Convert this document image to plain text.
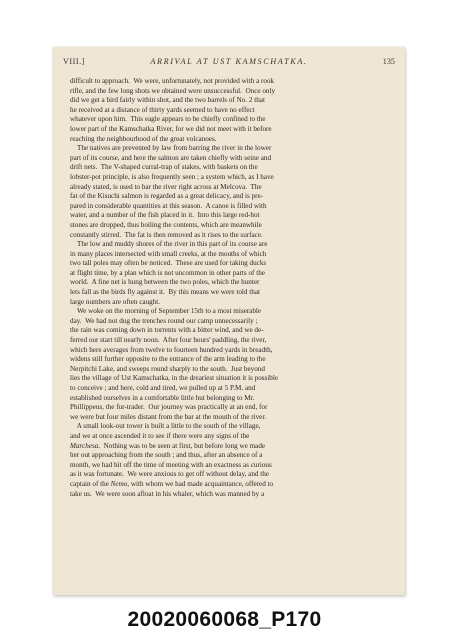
VIII.]	ARRIVAL AT UST KAMSCHATKA.	135
difficult to approach.  We were, unfortunately, not provided with a rook
rifle, and the few long shots we obtained were unsuccessful.  Once only
did we get a bird fairly within shot, and the two barrels of No. 2 that
he received at a distance of thirty yards seemed to have no effect
whatever upon him.  This eagle appears to be chiefly confined to the
lower part of the Kamschatka River, for we did not meet with it before
reaching the neighbourhood of the great volcanoes.
The natives are prevented by law from barring the river in the lower
part of its course, and here the salmon are taken chiefly with seine and
drift nets.  The V-shaped curral-trap of stakes, with baskets on the
lobster-pot principle, is also frequently seen ; a system which, as I have
already stated, is used to bar the river right across at Melcova.  The
fat of the Kisuchi salmon is regarded as a great delicacy, and is pre-
pared in considerable quantities at this season.  A canoe is filled with
water, and a number of the fish placed in it.  Into this large red-hot
stones are dropped, thus boiling the contents, which are meanwhile
constantly stirred.  The fat is then removed as it rises to the surface.
The low and muddy shores of the river in this part of its course are
in many places intersected with small creeks, at the mouths of which
two tall poles may often be noticed.  These are used for taking ducks
at flight time, by a plan which is not uncommon in other parts of the
world.  A fine net is hung between the two poles, which the hunter
lets fall as the birds fly against it.  By this means we were told that
large numbers are often caught.
We woke on the morning of September 15th to a most miserable
day.  We had not dug the trenches round our camp unnecessarily ;
the rain was coming down in torrents with a bitter wind, and we de-
ferred our start till nearly noon.  After four hours' paddling, the river,
which here averages from twelve to fourteen hundred yards in breadth,
widens still further opposite to the entrance of the arm leading to the
Nerpitchi Lake, and sweeps round sharply to the south.  Just beyond
lies the village of Ust Kamschatka, in the dreariest situation it is possible
to conceive ; and here, cold and tired, we pulled up at 5 P.M. and
established ourselves in a comfortable little hut belonging to Mr.
Phillippeus, the fur-trader.  Our journey was practically at an end, for
we were but four miles distant from the bar at the mouth of the river.
A small look-out tower is built a little to the south of the village,
and we at once ascended it to see if there were any signs of the
Marchesa.  Nothing was to be seen at first, but before long we made
her out approaching from the south ; and thus, after an absence of a
month, we had hit off the time of meeting with an exactness as curious
as it was fortunate.  We were anxious to get off without delay, and the
captain of the Nemo, with whom we had made acquaintance, offered to
take us.  We were soon afloat in his whaler, which was manned by a
20020060068_P170
